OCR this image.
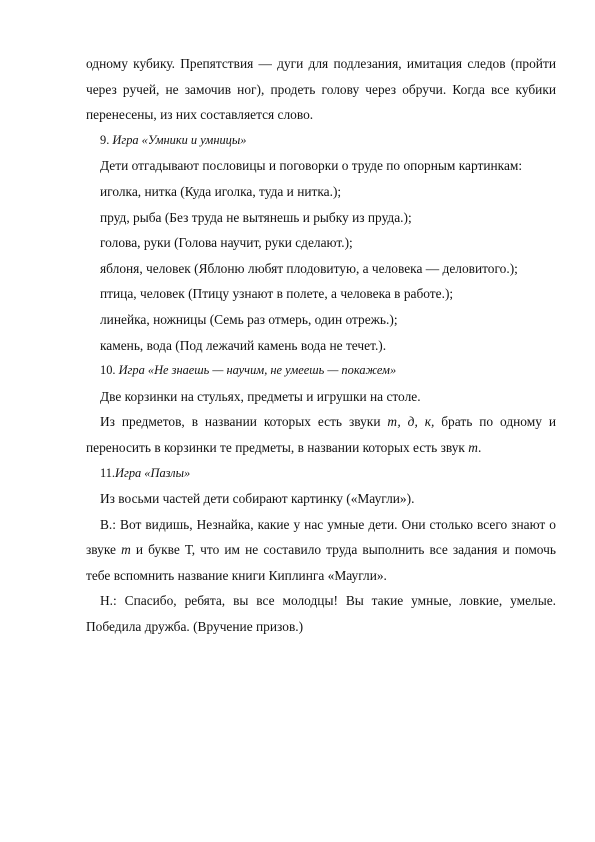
одному кубику. Препятствия — дуги для подлезания, имитация следов (пройти через ручей, не замочив ног), продеть голову через обручи. Когда все кубики перенесены, из них составляется слово.

9. Игра «Умники и умницы»

Дети отгадывают пословицы и поговорки о труде по опорным картинкам:

иголка, нитка (Куда иголка, туда и нитка.);

пруд, рыба (Без труда не вытянешь и рыбку из пруда.);

голова, руки (Голова научит, руки сделают.);

яблоня, человек (Яблоню любят плодовитую, а человека — деловитого.);

птица, человек (Птицу узнают в полете, а человека в работе.);

линейка, ножницы (Семь раз отмерь, один отрежь.);

камень, вода (Под лежачий камень вода не течет.).

10. Игра «Не знаешь — научим, не умеешь — покажем»

Две корзинки на стульях, предметы и игрушки на столе.

Из предметов, в названии которых есть звуки т, д, к, брать по одному и переносить в корзинки те предметы, в названии которых есть звук т.

11.Игра «Пазлы»

Из восьми частей дети собирают картинку («Маугли»).

В.: Вот видишь, Незнайка, какие у нас умные дети. Они столько всего знают о звуке т и букве Т, что им не составило труда выполнить все задания и помочь тебе вспомнить название книги Киплинга «Маугли».

Н.: Спасибо, ребята, вы все молодцы! Вы такие умные, ловкие, умелые. Победила дружба. (Вручение призов.)
